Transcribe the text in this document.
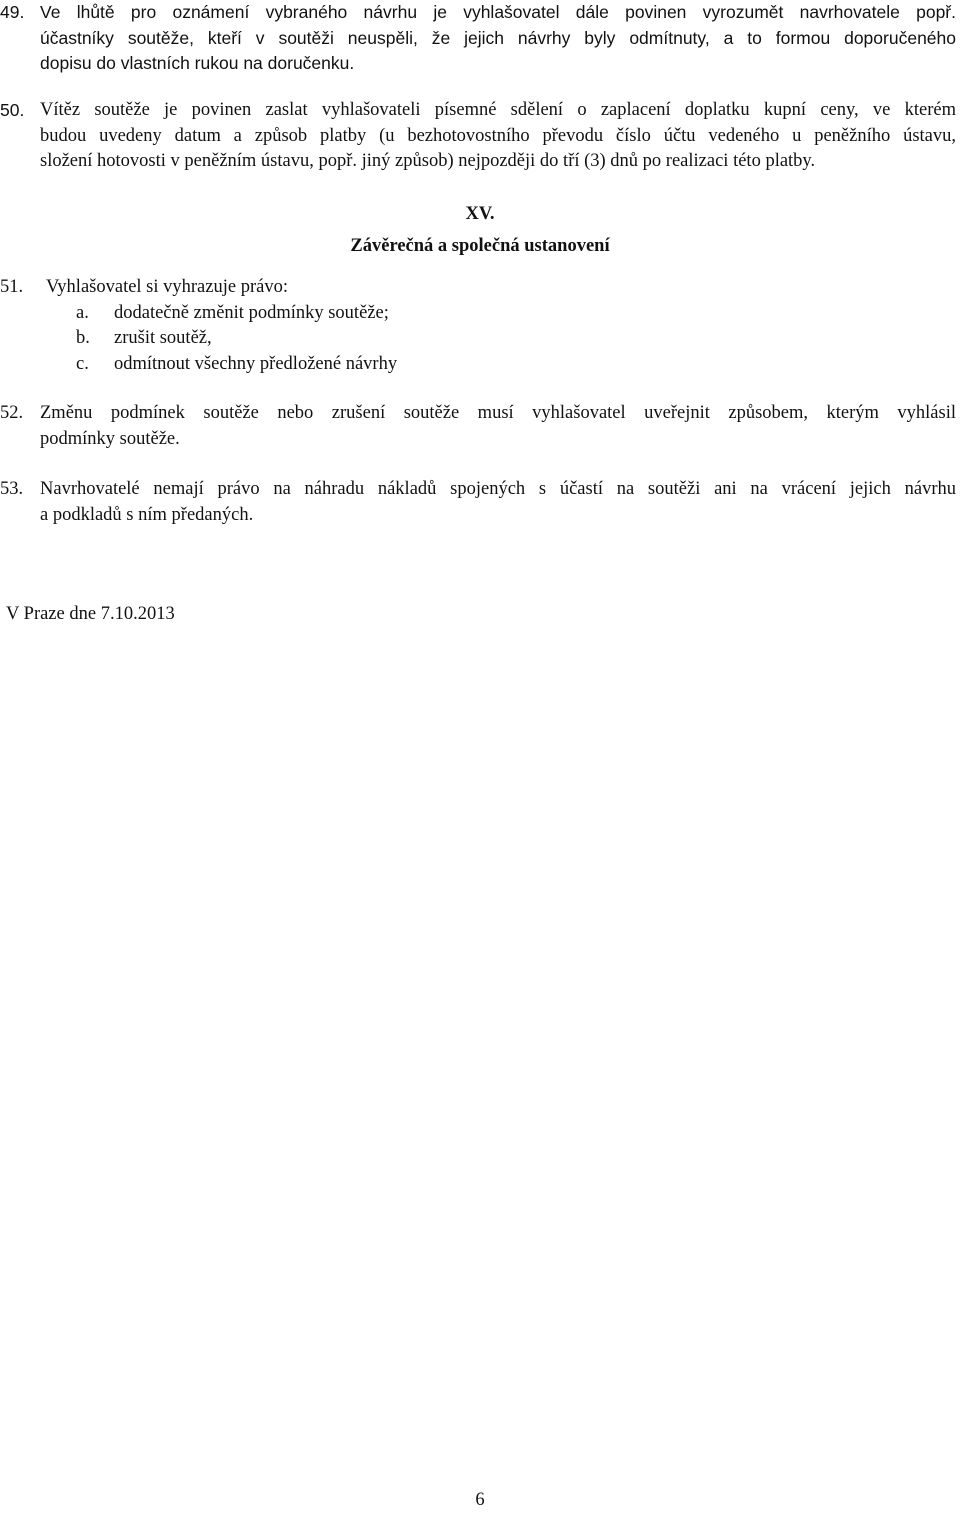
49. Ve lhůtě pro oznámení vybraného návrhu je vyhlašovatel dále povinen vyrozumět navrhovatele popř.
účastníky soutěže, kteří v soutěži neuspěli, že jejich návrhy byly odmítnuty, a to formou doporučeného
dopisu do vlastních rukou na doručenku.
50. Vítěz soutěže je povinen zaslat vyhlašovateli písemné sdělení o zaplacení doplatku kupní ceny, ve kterém
budou uvedeny datum a způsob platby (u bezhotovostního převodu číslo účtu vedeného u peněžního ústavu,
složení hotovosti v peněžním ústavu, popř. jiný způsob) nejpozději do tří (3) dnů po realizaci této platby.
XV.
Závěrečná a společná ustanovení
51.	Vyhlašovatel si vyhrazuje právo:
a.	dodatečně změnit podmínky soutěže;
b.	zrušit soutěž,
c.	odmítnout všechny předložené návrhy
52. Změnu podmínek soutěže nebo zrušení soutěže musí vyhlašovatel uveřejnit způsobem, kterým vyhlásil
podmínky soutěže.
53. Navrhovatelé nemají právo na náhradu nákladů spojených s účastí na soutěži ani na vrácení jejich návrhu
a podkladů s ním předaných.
V Praze dne 7.10.2013
6
